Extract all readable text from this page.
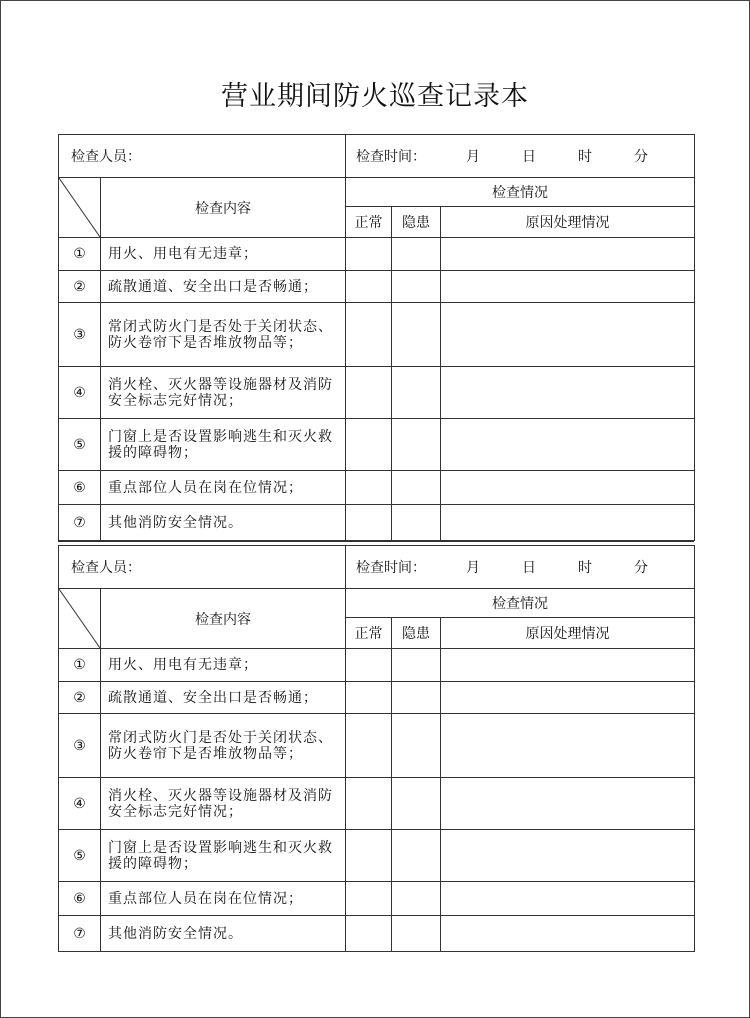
营业期间防火巡查记录本
检查人员：		检查时间： 月 日 时 分		

	检查内容	检查情况		
		正常	隐患	原因处理情况
①	用火、用电有无违章；			
②	疏散通道、安全出口是否畅通；			
③	常闭式防火门是否处于关闭状态、防火卷帘下是否堆放物品等；			
④	消火栓、灭火器等设施器材及消防安全标志完好情况；			
⑤	门窗上是否设置影响逃生和灭火救援的障碍物；			
⑥	重点部位人员在岗在位情况；			
⑦	其他消防安全情况。			
检查人员：		检查时间： 月 日 时 分		

	检查内容	检查情况		
		正常	隐患	原因处理情况
①	用火、用电有无违章；			
②	疏散通道、安全出口是否畅通；			
③	常闭式防火门是否处于关闭状态、防火卷帘下是否堆放物品等；			
④	消火栓、灭火器等设施器材及消防安全标志完好情况；			
⑤	门窗上是否设置影响逃生和灭火救援的障碍物；			
⑥	重点部位人员在岗在位情况；			
⑦	其他消防安全情况。			
